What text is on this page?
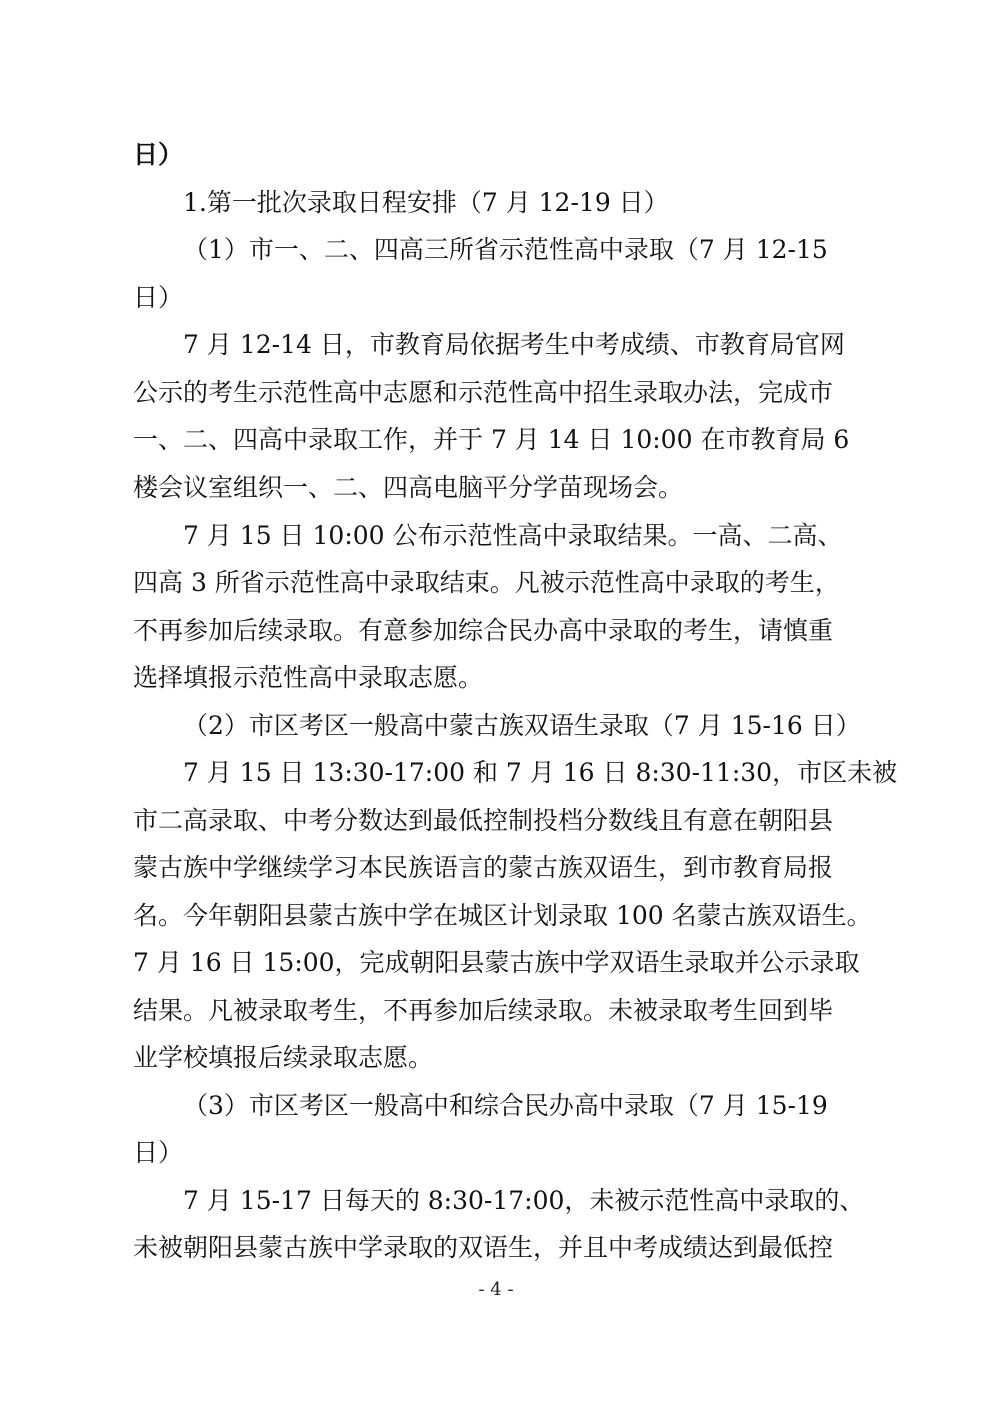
日）
1.第一批次录取日程安排（7 月 12-19 日）
（1）市一、二、四高三所省示范性高中录取（7 月 12-15
日）
7 月 12-14 日，市教育局依据考生中考成绩、市教育局官网
公示的考生示范性高中志愿和示范性高中招生录取办法，完成市
一、二、四高中录取工作，并于 7 月 14 日 10:00 在市教育局 6
楼会议室组织一、二、四高电脑平分学苗现场会。
7 月 15 日 10:00 公布示范性高中录取结果。一高、二高、
四高 3 所省示范性高中录取结束。凡被示范性高中录取的考生，
不再参加后续录取。有意参加综合民办高中录取的考生，请慎重
选择填报示范性高中录取志愿。
（2）市区考区一般高中蒙古族双语生录取（7 月 15-16 日）
7 月 15 日 13:30-17:00 和 7 月 16 日 8:30-11:30，市区未被
市二高录取、中考分数达到最低控制投档分数线且有意在朝阳县
蒙古族中学继续学习本民族语言的蒙古族双语生，到市教育局报
名。今年朝阳县蒙古族中学在城区计划录取 100 名蒙古族双语生。
7 月 16 日 15:00，完成朝阳县蒙古族中学双语生录取并公示录取
结果。凡被录取考生，不再参加后续录取。未被录取考生回到毕
业学校填报后续录取志愿。
（3）市区考区一般高中和综合民办高中录取（7 月 15-19
日）
7 月 15-17 日每天的 8:30-17:00，未被示范性高中录取的、
未被朝阳县蒙古族中学录取的双语生，并且中考成绩达到最低控
- 4 -
